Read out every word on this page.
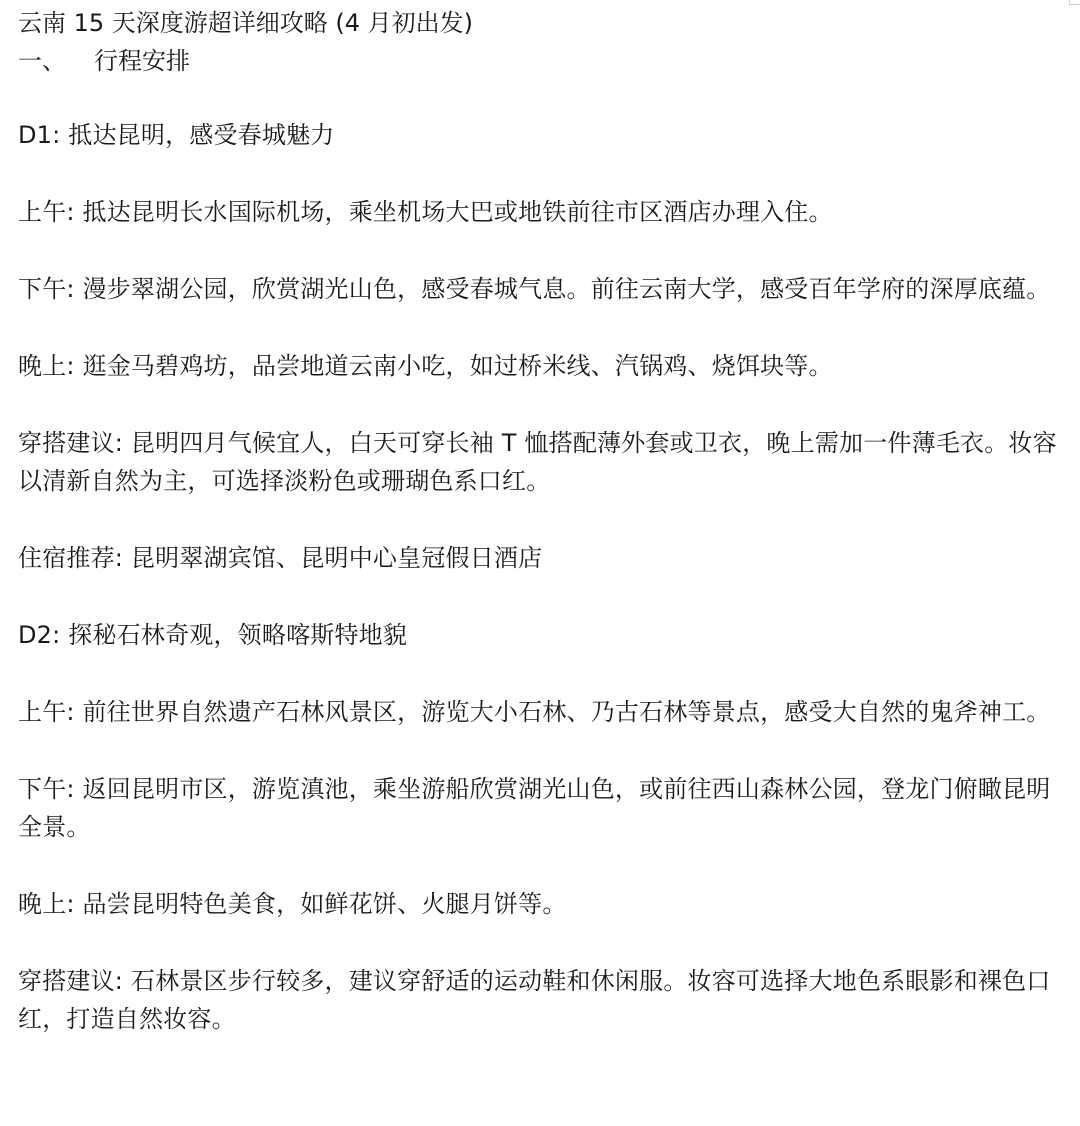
云南 15 天深度游超详细攻略 (4 月初出发)
一、 行程安排

D1: 抵达昆明，感受春城魅力

上午: 抵达昆明长水国际机场，乘坐机场大巴或地铁前往市区酒店办理入住。

下午: 漫步翠湖公园，欣赏湖光山色，感受春城气息。前往云南大学，感受百年学府的深厚底蕴。

晚上: 逛金马碧鸡坊，品尝地道云南小吃，如过桥米线、汽锅鸡、烧饵块等。

穿搭建议: 昆明四月气候宜人，白天可穿长袖 T 恤搭配薄外套或卫衣，晚上需加一件薄毛衣。妆容以清新自然为主，可选择淡粉色或珊瑚色系口红。

住宿推荐: 昆明翠湖宾馆、昆明中心皇冠假日酒店

D2: 探秘石林奇观，领略喀斯特地貌

上午: 前往世界自然遗产石林风景区，游览大小石林、乃古石林等景点，感受大自然的鬼斧神工。

下午: 返回昆明市区，游览滇池，乘坐游船欣赏湖光山色，或前往西山森林公园，登龙门俯瞰昆明全景。

晚上: 品尝昆明特色美食，如鲜花饼、火腿月饼等。

穿搭建议: 石林景区步行较多，建议穿舒适的运动鞋和休闲服。妆容可选择大地色系眼影和裸色口红，打造自然妆容。
